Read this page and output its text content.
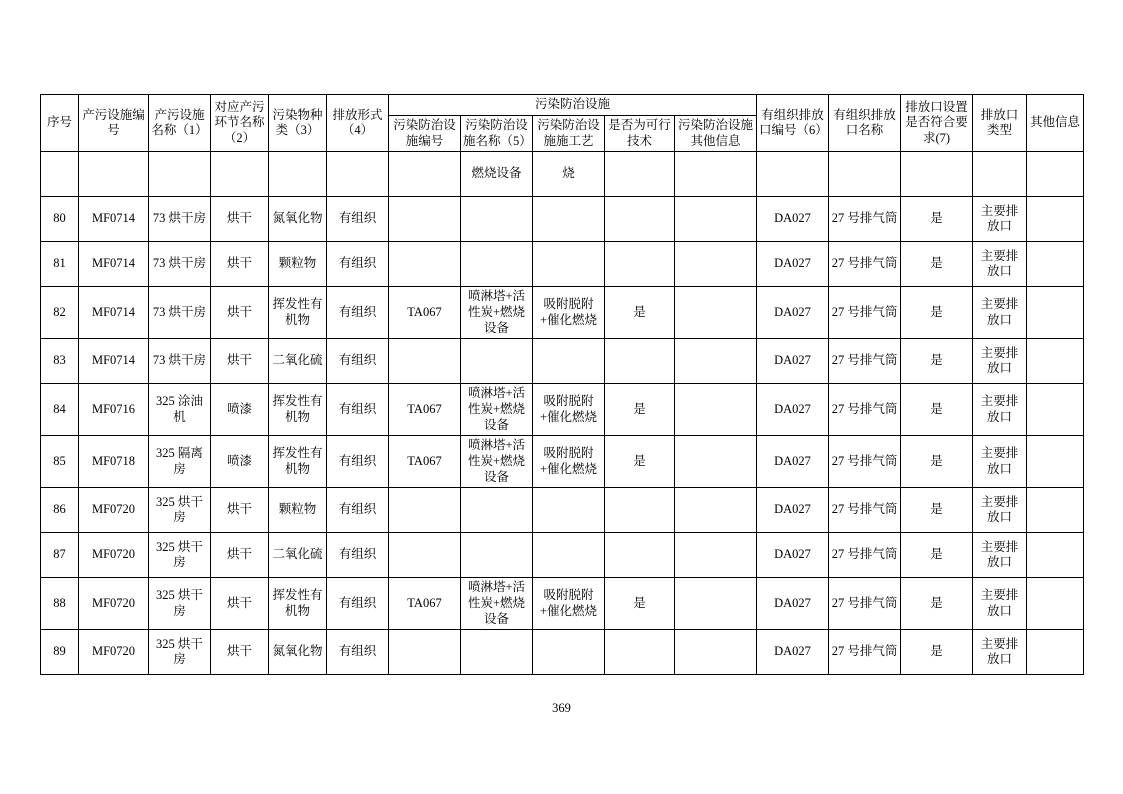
序号	产污设施编号	产污设施名称（1）	对应产污环节名称（2）	污染物种类（3）	排放形式（4）	污染防治设施					有组织排放口编号（6）	有组织排放口名称	排放口设置是否符合要求(7)	排放口类型	其他信息
						污染防治设施编号	污染防治设施名称（5）	污染防治设施施工艺	是否为可行技术	污染防治设施其他信息					
							燃烧设备	烧							
80	MF0714	73 烘干房	烘干	氮氧化物	有组织						DA027	27 号排气筒	是	主要排放口	
81	MF0714	73 烘干房	烘干	颗粒物	有组织						DA027	27 号排气筒	是	主要排放口	
82	MF0714	73 烘干房	烘干	挥发性有机物	有组织	TA067	喷淋塔+活性炭+燃烧设备	吸附脱附+催化燃烧	是		DA027	27 号排气筒	是	主要排放口	
83	MF0714	73 烘干房	烘干	二氧化硫	有组织						DA027	27 号排气筒	是	主要排放口	
84	MF0716	325 涂油机	喷漆	挥发性有机物	有组织	TA067	喷淋塔+活性炭+燃烧设备	吸附脱附+催化燃烧	是		DA027	27 号排气筒	是	主要排放口	
85	MF0718	325 隔离房	喷漆	挥发性有机物	有组织	TA067	喷淋塔+活性炭+燃烧设备	吸附脱附+催化燃烧	是		DA027	27 号排气筒	是	主要排放口	
86	MF0720	325 烘干房	烘干	颗粒物	有组织						DA027	27 号排气筒	是	主要排放口	
87	MF0720	325 烘干房	烘干	二氧化硫	有组织						DA027	27 号排气筒	是	主要排放口	
88	MF0720	325 烘干房	烘干	挥发性有机物	有组织	TA067	喷淋塔+活性炭+燃烧设备	吸附脱附+催化燃烧	是		DA027	27 号排气筒	是	主要排放口	
89	MF0720	325 烘干房	烘干	氮氧化物	有组织						DA027	27 号排气筒	是	主要排放口	
369
